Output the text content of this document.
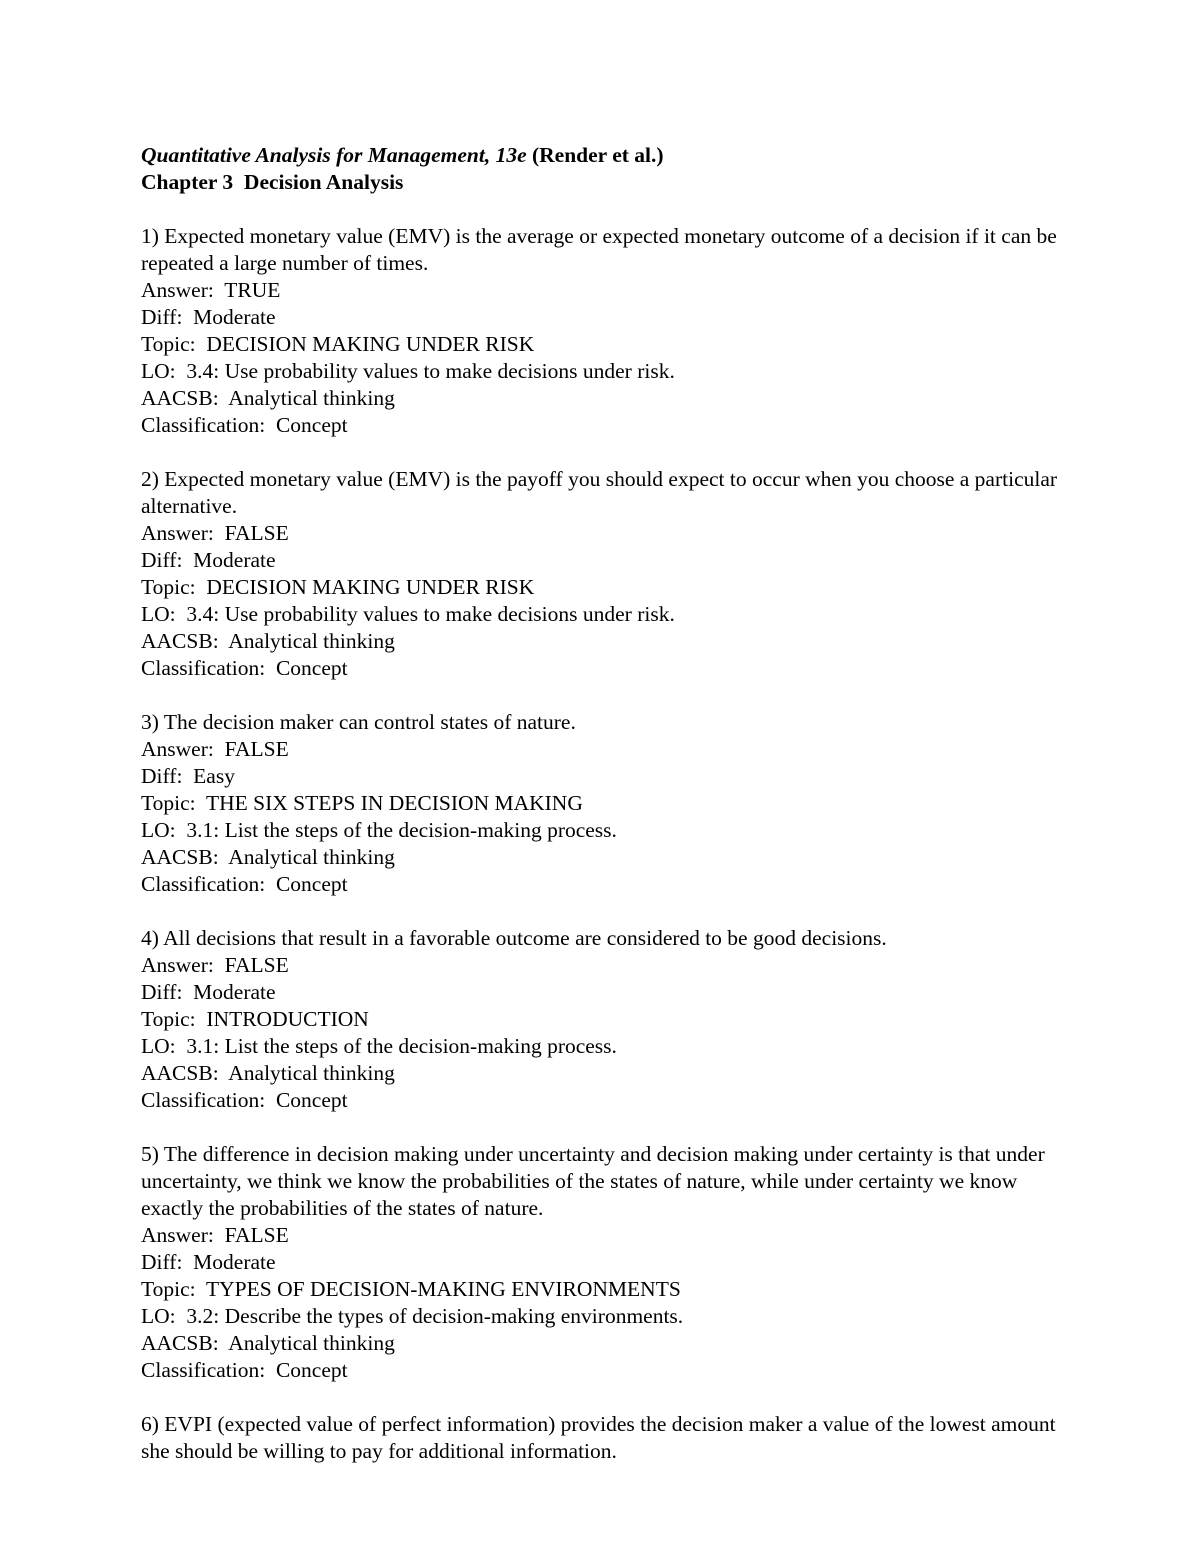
Quantitative Analysis for Management, 13e (Render et al.)
Chapter 3  Decision Analysis
1) Expected monetary value (EMV) is the average or expected monetary outcome of a decision if it can be repeated a large number of times.
Answer : TRUE
Diff : Moderate
Topic : DECISION MAKING UNDER RISK
LO : 3.4: Use probability values to make decisions under risk.
AACSB : Analytical thinking
Classification : Concept
2) Expected monetary value (EMV) is the payoff you should expect to occur when you choose a particular alternative.
Answer : FALSE
Diff : Moderate
Topic : DECISION MAKING UNDER RISK
LO : 3.4: Use probability values to make decisions under risk.
AACSB : Analytical thinking
Classification : Concept
3) The decision maker can control states of nature.
Answer : FALSE
Diff : Easy
Topic : THE SIX STEPS IN DECISION MAKING
LO : 3.1: List the steps of the decision-making process.
AACSB : Analytical thinking
Classification : Concept
4) All decisions that result in a favorable outcome are considered to be good decisions.
Answer : FALSE
Diff : Moderate
Topic : INTRODUCTION
LO : 3.1: List the steps of the decision-making process.
AACSB : Analytical thinking
Classification : Concept
5) The difference in decision making under uncertainty and decision making under certainty is that under uncertainty, we think we know the probabilities of the states of nature, while under certainty we know exactly the probabilities of the states of nature.
Answer : FALSE
Diff : Moderate
Topic : TYPES OF DECISION-MAKING ENVIRONMENTS
LO : 3.2: Describe the types of decision-making environments.
AACSB : Analytical thinking
Classification : Concept
6) EVPI (expected value of perfect information) provides the decision maker a value of the lowest amount she should be willing to pay for additional information.
